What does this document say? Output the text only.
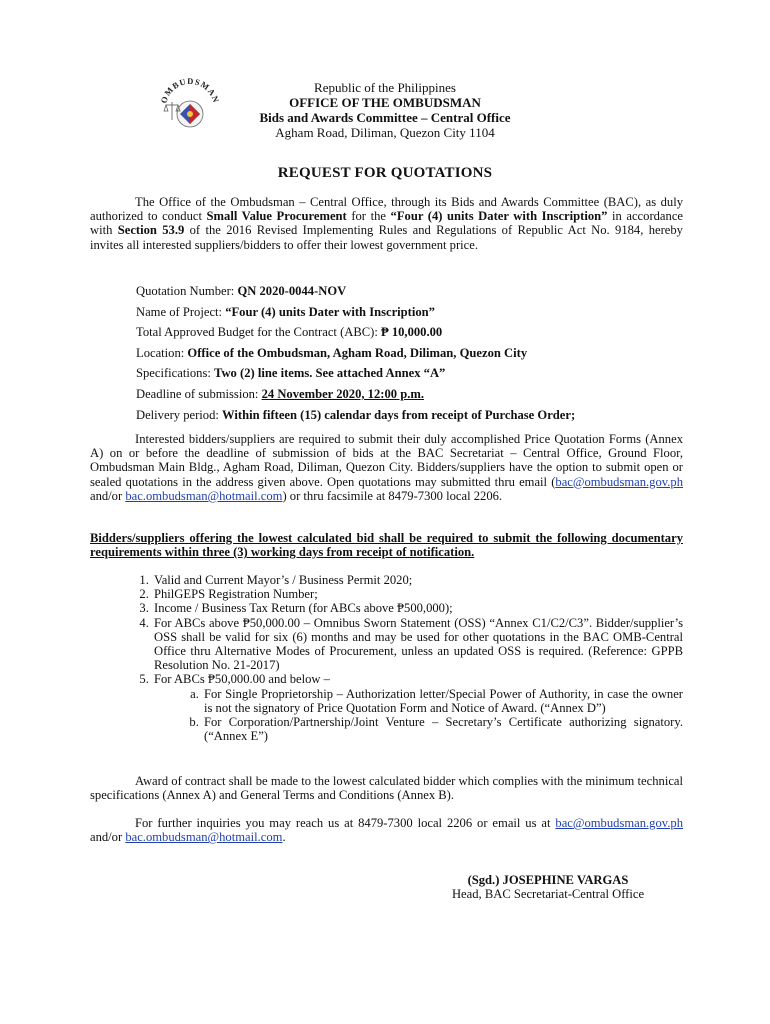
OMBUDSMAN
Republic of the Philippines
OFFICE OF THE OMBUDSMAN
Bids and Awards Committee – Central Office
Agham Road, Diliman, Quezon City 1104
REQUEST FOR QUOTATIONS

The Office of the Ombudsman – Central Office, through its Bids and Awards Committee (BAC), as duly authorized to conduct Small Value Procurement for the “Four (4) units Dater with Inscription” in accordance with Section 53.9 of the 2016 Revised Implementing Rules and Regulations of Republic Act No. 9184, hereby invites all interested suppliers/bidders to offer their lowest government price.

Quotation Number: QN 2020-0044-NOV
Name of Project: “Four (4) units Dater with Inscription”
Total Approved Budget for the Contract (ABC): ₱ 10,000.00
Location: Office of the Ombudsman, Agham Road, Diliman, Quezon City
Specifications: Two (2) line items. See attached Annex “A”
Deadline of submission: 24 November 2020, 12:00 p.m.
Delivery period: Within fifteen (15) calendar days from receipt of Purchase Order;

Interested bidders/suppliers are required to submit their duly accomplished Price Quotation Forms (Annex A) on or before the deadline of submission of bids at the BAC Secretariat – Central Office, Ground Floor, Ombudsman Main Bldg., Agham Road, Diliman, Quezon City. Bidders/suppliers have the option to submit open or sealed quotations in the address given above. Open quotations may submitted thru email (bac@ombudsman.gov.ph and/or bac.ombudsman@hotmail.com) or thru facsimile at 8479-7300 local 2206.

Bidders/suppliers offering the lowest calculated bid shall be required to submit the following documentary requirements within three (3) working days from receipt of notification.

1. Valid and Current Mayor’s / Business Permit 2020;
2. PhilGEPS Registration Number;
3. Income / Business Tax Return (for ABCs above ₱500,000);
4. For ABCs above ₱50,000.00 – Omnibus Sworn Statement (OSS) “Annex C1/C2/C3”. Bidder/supplier’s OSS shall be valid for six (6) months and may be used for other quotations in the BAC OMB-Central Office thru Alternative Modes of Procurement, unless an updated OSS is required. (Reference: GPPB Resolution No. 21-2017)
5. For ABCs ₱50,000.00 and below –
a. For Single Proprietorship – Authorization letter/Special Power of Authority, in case the owner is not the signatory of Price Quotation Form and Notice of Award. (“Annex D”)
b. For Corporation/Partnership/Joint Venture – Secretary’s Certificate authorizing signatory. (“Annex E”)

Award of contract shall be made to the lowest calculated bidder which complies with the minimum technical specifications (Annex A) and General Terms and Conditions (Annex B).

For further inquiries you may reach us at 8479-7300 local 2206 or email us at bac@ombudsman.gov.ph and/or bac.ombudsman@hotmail.com.

(Sgd.) JOSEPHINE VARGAS
Head, BAC Secretariat-Central Office
